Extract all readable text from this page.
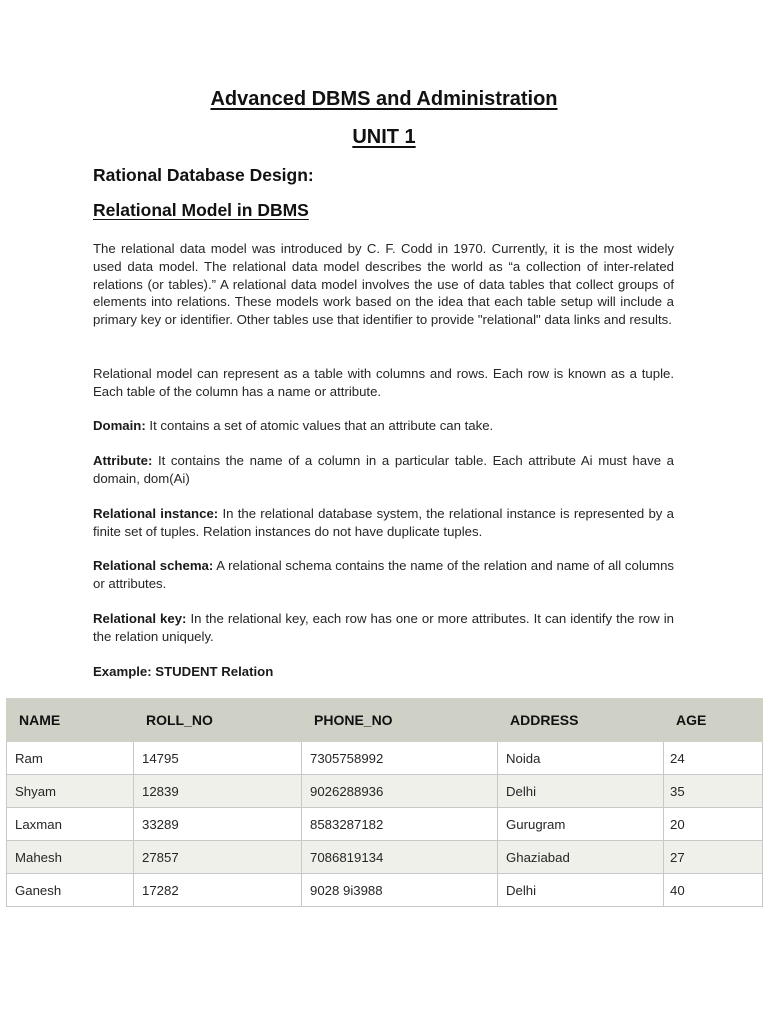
Advanced DBMS and Administration
UNIT 1
Rational Database Design:
Relational Model in DBMS

The relational data model was introduced by C. F. Codd in 1970. Currently, it is the most widely used data model. The relational data model describes the world as “a collection of inter-related relations (or tables).” A relational data model involves the use of data tables that collect groups of elements into relations. These models work based on the idea that each table setup will include a primary key or identifier. Other tables use that identifier to provide "relational" data links and results.

Relational model can represent as a table with columns and rows. Each row is known as a tuple. Each table of the column has a name or attribute.

Domain: It contains a set of atomic values that an attribute can take.

Attribute: It contains the name of a column in a particular table. Each attribute Ai must have a domain, dom(Ai)

Relational instance: In the relational database system, the relational instance is represented by a finite set of tuples. Relation instances do not have duplicate tuples.

Relational schema: A relational schema contains the name of the relation and name of all columns or attributes.

Relational key: In the relational key, each row has one or more attributes. It can identify the row in the relation uniquely.

Example: STUDENT Relation

NAME	ROLL_NO	PHONE_NO	ADDRESS	AGE
Ram	14795	7305758992	Noida	24
Shyam	12839	9026288936	Delhi	35
Laxman	33289	8583287182	Gurugram	20
Mahesh	27857	7086819134	Ghaziabad	27
Ganesh	17282	9028 9i3988	Delhi	40
